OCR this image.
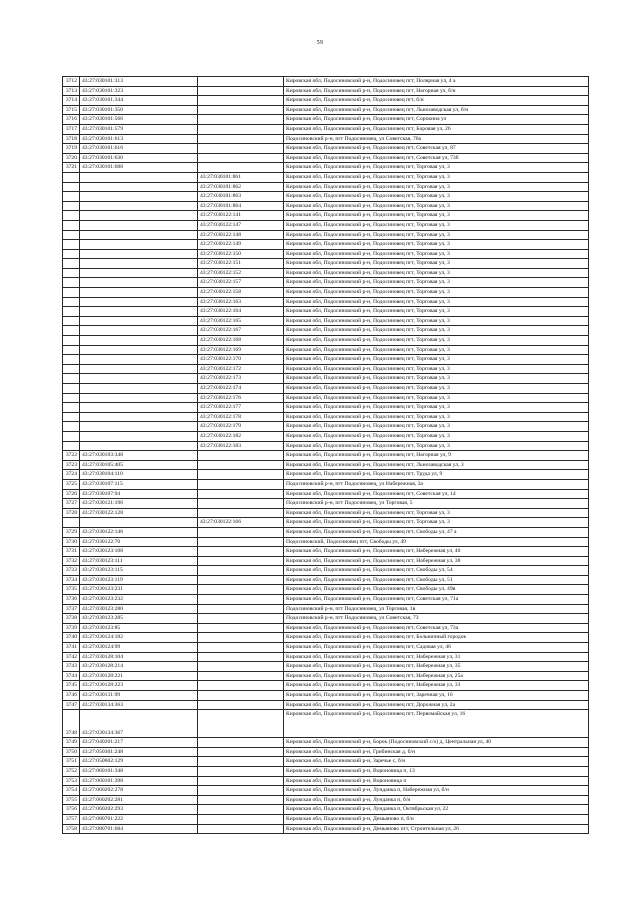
59
3712	43:27:030101:313		Кировская обл, Подосиновский р-н, Подосиновец пгт, Полярная ул, 4 а
3713	43:27:030101:323		Кировская обл, Подосиновский р-н, Подосиновец пгт, Нагорная ул, б/н
3714	43:27:030101:344		Кировская обл, Подосиновский р-н, Подосиновец пгт, б/н
3715	43:27:030101:350		Кировская обл, Подосиновский р-н, Подосиновец пгт, Льнозаводская ул, б/н
3716	43:27:030101:566		Кировская обл, Подосиновский р-н, Подосиновец пгт, Сорокина ул
3717	43:27:030101:579		Кировская обл, Подосиновский р-н, Подосиновец пгт, Боровая ул, 26
3718	43:27:030101:613		Подосиновский р-н, пгт Подосиновец, ул Советская, 70а
3719	43:27:030101:616		Кировская обл, Подосиновский р-н, Подосиновец пгт, Советская ул, 87
3720	43:27:030101:630		Кировская обл, Подосиновский р-н, Подосиновец пгт, Советская ул, 73б
3721	43:27:030101:688		Кировская обл, Подосиновский р-н, Подосиновец пгт, Торговая ул, 3
		43:27:030101:861	Кировская обл, Подосиновский р-н, Подосиновец пгт, Торговая ул, 3
		43:27:030101:862	Кировская обл, Подосиновский р-н, Подосиновец пгт, Торговая ул, 3
		43:27:030101:863	Кировская обл, Подосиновский р-н, Подосиновец пгт, Торговая ул, 3
		43:27:030101:864	Кировская обл, Подосиновский р-н, Подосиновец пгт, Торговая ул, 3
		43:27:030122:141	Кировская обл, Подосиновский р-н, Подосиновец пгт, Торговая ул, 3
		43:27:030122:147	Кировская обл, Подосиновский р-н, Подосиновец пгт, Торговая ул, 3
		43:27:030122:148	Кировская обл, Подосиновский р-н, Подосиновец пгт, Торговая ул, 3
		43:27:030122:149	Кировская обл, Подосиновский р-н, Подосиновец пгт, Торговая ул, 3
		43:27:030122:150	Кировская обл, Подосиновский р-н, Подосиновец пгт, Торговая ул, 3
		43:27:030122:151	Кировская обл, Подосиновский р-н, Подосиновец пгт, Торговая ул, 3
		43:27:030122:152	Кировская обл, Подосиновский р-н, Подосиновец пгт, Торговая ул, 3
		43:27:030122:157	Кировская обл, Подосиновский р-н, Подосиновец пгт, Торговая ул, 3
		43:27:030122:158	Кировская обл, Подосиновский р-н, Подосиновец пгт, Торговая ул, 3
		43:27:030122:163	Кировская обл, Подосиновский р-н, Подосиновец пгт, Торговая ул, 3
		43:27:030122:164	Кировская обл, Подосиновский р-н, Подосиновец пгт, Торговая ул, 3
		43:27:030122:165	Кировская обл, Подосиновский р-н, Подосиновец пгт, Торговая ул, 3
		43:27:030122:167	Кировская обл, Подосиновский р-н, Подосиновец пгт, Торговая ул, 3
		43:27:030122:168	Кировская обл, Подосиновский р-н, Подосиновец пгт, Торговая ул, 3
		43:27:030122:169	Кировская обл, Подосиновский р-н, Подосиновец пгт, Торговая ул, 3
		43:27:030122:170	Кировская обл, Подосиновский р-н, Подосиновец пгт, Торговая ул, 3
		43:27:030122:172	Кировская обл, Подосиновский р-н, Подосиновец пгт, Торговая ул, 3
		43:27:030122:173	Кировская обл, Подосиновский р-н, Подосиновец пгт, Торговая ул, 3
		43:27:030122:174	Кировская обл, Подосиновский р-н, Подосиновец пгт, Торговая ул, 3
		43:27:030122:176	Кировская обл, Подосиновский р-н, Подосиновец пгт, Торговая ул, 3
		43:27:030122:177	Кировская обл, Подосиновский р-н, Подосиновец пгт, Торговая ул, 3
		43:27:030122:178	Кировская обл, Подосиновский р-н, Подосиновец пгт, Торговая ул, 3
		43:27:030122:179	Кировская обл, Подосиновский р-н, Подосиновец пгт, Торговая ул, 3
		43:27:030122:182	Кировская обл, Подосиновский р-н, Подосиновец пгт, Торговая ул, 3
		43:27:030122:183	Кировская обл, Подосиновский р-н, Подосиновец пгт, Торговая ул, 3
3722	43:27:030103:348		Кировская обл, Подосиновский р-н, Подосиновец пгт, Нагорная ул, 9
3723	43:27:030105:405		Кировская обл, Подосиновский р-н, Подосиновец пгт, Льнозаводская ул, 3
3724	43:27:030104:110		Кировская обл, Подосиновский р-н, Подосиновец пгт, Труда ул, 9
3725	43:27:030107:115		Подосиновский р-н, пгт Подосиновец, ул Набережная, 3а
3726	43:27:030107:94		Кировская обл, Подосиновский р-н, Подосиновец пгт, Советская ул, 14
3727	43:27:030121:196		Подосиновский р-н, пгт Подосиновец, ул Торговая, 5
3728	43:27:030122:128		Кировская обл, Подосиновский р-н, Подосиновец пгт, Торговая ул, 3
		43:27:030122:166	Кировская обл, Подосиновский р-н, Подосиновец пгт, Торговая ул, 3
3729	43:27:030122:146		Кировская обл, Подосиновский р-н, Подосиновец пгт, Свободы ул, 47 а
3730	43:27:030122:70		Подосиновский, Подосиновец пгт, Свободы ул, 49
3731	43:27:030123:108		Кировская обл, Подосиновский р-н, Подосиновец пгт, Набережная ул, 40
3732	43:27:030123:111		Кировская обл, Подосиновский р-н, Подосиновец пгт, Набережная ул, 38
3733	43:27:030123:115		Кировская обл, Подосиновский р-н, Подосиновец пгт, Свободы ул, 54
3734	43:27:030123:119		Кировская обл, Подосиновский р-н, Подосиновец пгт, Свободы ул, 51
3735	43:27:030123:231		Кировская обл, Подосиновский р-н, Подосиновец пгт, Свободы ул, 49в
3736	43:27:030123:232		Кировская обл, Подосиновский р-н, Подосиновец пгт, Советская ул, 71а
3737	43:27:030123:280		Подосиновский р-н, пгт Подосиновец, ул Торговая, 1в
3738	43:27:030123:285		Подосиновский р-н, пгт Подосиновец, ул Советская, 73
3739	43:27:030123:85		Кировская обл, Подосиновский р-н, Подосиновец пгт, Советская ул, 73а
3740	43:27:030124:182		Кировская обл, Подосиновский р-н, Подосиновец пгт, Больничный городок
3741	43:27:030124:99		Кировская обл, Подосиновский р-н, Подосиновец пгт, Садовая ул, 46
3742	43:27:030128:104		Кировская обл, Подосиновский р-н, Подосиновец пгт, Набережная ул, 31
3743	43:27:030128:214		Кировская обл, Подосиновский р-н, Подосиновец пгт, Набережная ул, 35
3744	43:27:030128:221		Кировская обл, Подосиновский р-н, Подосиновец пгт, Набережная ул, 25а
3745	43:27:030128:223		Кировская обл, Подосиновский р-н, Подосиновец пгт, Набережная ул, 33
3746	43:27:030131:99		Кировская обл, Подосиновский р-н, Подосиновец пгт, Заречная ул, 16
3747	43:27:030134:363		Кировская обл, Подосиновский р-н, Подосиновец пгт, Дорожная ул, 2а
3748	43:27:030134:367		Кировская обл, Подосиновский р-н, Подосиновец пгт, Первомайская ул, 16
3749	43:27:040201:217		Кировская обл, Подосиновский р-н, Борок (Подосиновский с/о) д, Центральная ул, 40
3750	43:27:050301:248		Кировская обл, Подосиновский р-н, Грибинская д, б/н
3751	43:27:050602:129		Кировская обл, Подосиновский р-н, Заречье с, б/н
3752	43:27:060101:348		Кировская обл, Подосиновский р-н, Вороновица п, 13
3753	43:27:060101:398		Кировская обл, Подосиновский р-н, Вороновица п
3754	43:27:060202:278		Кировская обл, Подосиновский р-н, Лунданка п, Набережная ул, б/н
3755	43:27:060202:281		Кировская обл, Подосиновский р-н, Лунданка п, б/н
3756	43:27:060202:293		Кировская обл, Подосиновский р-н, Лунданка п, Октябрьская ул, 22
3757	43:27:080701:222		Кировская обл, Подосиновский р-н, Демьяново п, б/н
3758	43:27:080701:684		Кировская обл, Подосиновский р-н, Демьяново пгт, Строительная ул, 26
